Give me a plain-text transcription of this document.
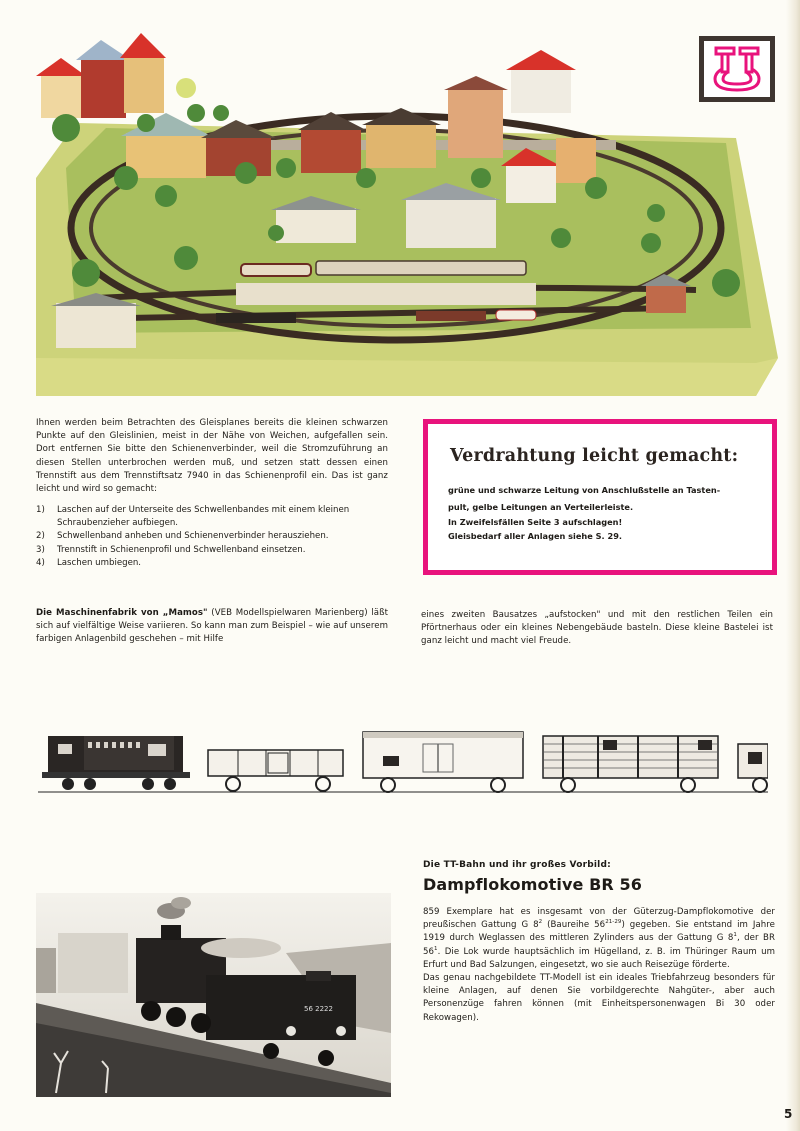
Ihnen werden beim Betrachten des Gleisplanes bereits die kleinen schwarzen Punkte auf den Gleislinien, meist in der Nähe von Weichen, aufgefallen sein. Dort entfernen Sie bitte den Schienenverbinder, weil die Stromzuführung an diesen Stellen unterbrochen werden muß, und setzen statt dessen einen Trennstift aus dem Trennstiftsatz 7940 in das Schienenprofil ein. Das ist ganz leicht und wird so gemacht:

1)	Laschen auf der Unterseite des Schwellenbandes mit einem kleinen Schraubenzieher aufbiegen.
2)	Schwellenband anheben und Schienenverbinder herausziehen.
3)	Trennstift in Schienenprofil und Schwellenband einsetzen.
4)	Laschen umbiegen.
Verdrahtung leicht gemacht:
grüne und schwarze Leitung von Anschlußstelle an Tasten-
pult, gelbe Leitungen an Verteilerleiste.
In Zweifelsfällen Seite 3 aufschlagen!
Gleisbedarf aller Anlagen siehe S. 29.

Die Maschinenfabrik von „Mamos" (VEB Modellspielwaren Marienberg) läßt sich auf vielfältige Weise variieren. So kann man zum Beispiel – wie auf unserem farbigen Anlagenbild geschehen – mit Hilfe

eines zweiten Bausatzes „aufstocken" und mit den restlichen Teilen ein Pförtnerhaus oder ein kleines Nebengebäude basteln. Diese kleine Bastelei ist ganz leicht und macht viel Freude.

56 2222
Die TT-Bahn und ihr großes Vorbild:
Dampflokomotive BR 56

859 Exemplare hat es insgesamt von der Güterzug-Dampflokomotive der preußischen Gattung G $8^2$ (Baureihe 56$^{21-29}$) gegeben. Sie entstand im Jahre 1919 durch Weglassen des mittleren Zylinders aus der Gattung G $8^1$, der BR $56^1$. Die Lok wurde hauptsächlich im Hügelland, z. B. im Thüringer Raum um Erfurt und Bad Salzungen, eingesetzt, wo sie auch Reisezüge förderte.

Das genau nachgebildete TT-Modell ist ein ideales Triebfahrzeug besonders für kleine Anlagen, auf denen Sie vorbildgerechte Nahgüter-, aber auch Personenzüge fahren können (mit Einheitspersonenwagen Bi 30 oder Rekowagen).

5
